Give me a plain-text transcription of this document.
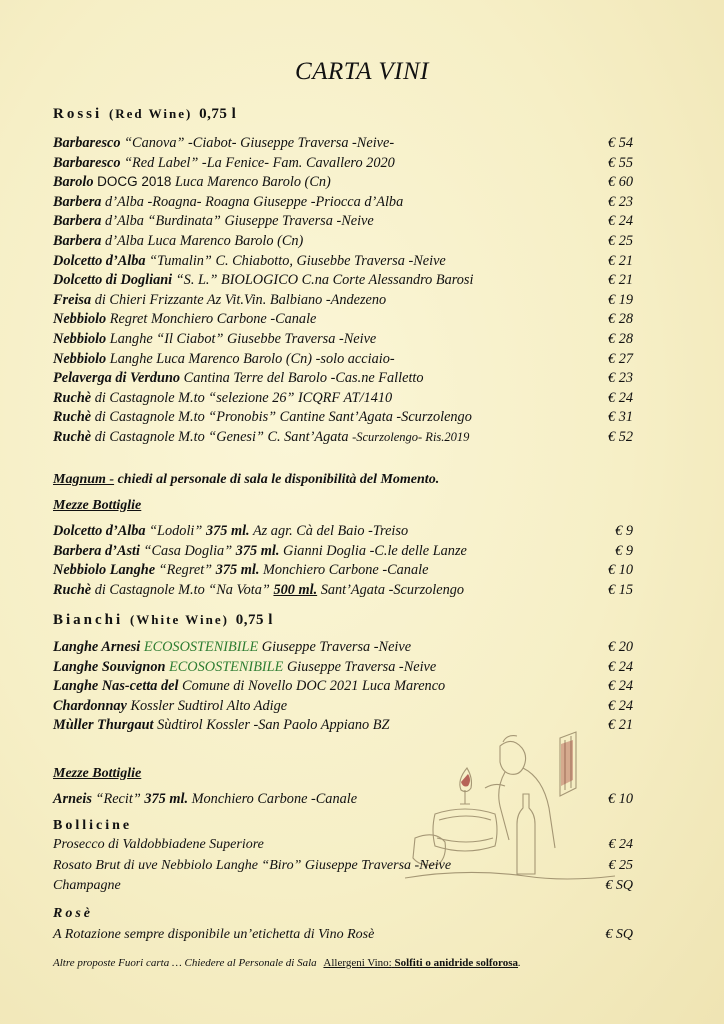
CARTA VINI
Rossi (Red Wine) 0,75 l
Barbaresco “Canova” -Ciabot- Giuseppe Traversa -Neive-	€ 54
Barbaresco “Red Label” -La Fenice- Fam. Cavallero 2020	€ 55
Barolo DOCG 2018 Luca Marenco Barolo (Cn)	€ 60
Barbera d’Alba -Roagna- Roagna Giuseppe -Priocca d’Alba	€ 23
Barbera d’Alba “Burdinata” Giuseppe Traversa -Neive	€ 24
Barbera d’Alba Luca Marenco Barolo (Cn)	€ 25
Dolcetto d’Alba “Tumalin” C. Chiabotto, Giusebbe Traversa -Neive	€ 21
Dolcetto di Dogliani “S. L.” BIOLOGICO C.na Corte Alessandro Barosi	€ 21
Freisa di Chieri Frizzante Az Vit.Vin. Balbiano -Andezeno	€ 19
Nebbiolo Regret Monchiero Carbone -Canale	€ 28
Nebbiolo Langhe “Il Ciabot” Giusebbe Traversa -Neive	€ 28
Nebbiolo Langhe Luca Marenco Barolo (Cn) -solo acciaio-	€ 27
Pelaverga di Verduno Cantina Terre del Barolo -Cas.ne Falletto	€ 23
Ruchè di Castagnole M.to “selezione 26” ICQRF AT/1410	€ 24
Ruchè di Castagnole M.to “Pronobis” Cantine Sant’Agata -Scurzolengo	€ 31
Ruchè di Castagnole M.to “Genesi” C. Sant’Agata -Scurzolengo- Ris.2019	€ 52
Magnum - chiedi al personale di sala le disponibilità del Momento.
Mezze Bottiglie
Dolcetto d’Alba “Lodoli” 375 ml. Az agr. Cà del Baio -Treiso	€ 9
Barbera d’Asti “Casa Doglia” 375 ml. Gianni Doglia -C.le delle Lanze	€ 9
Nebbiolo Langhe “Regret” 375 ml. Monchiero Carbone -Canale	€ 10
Ruchè di Castagnole M.to “Na Vota” 500 ml. Sant’Agata -Scurzolengo	€ 15
Bianchi (White Wine) 0,75 l
Langhe Arnesi ECOSOSTENIBILE Giuseppe Traversa -Neive	€ 20
Langhe Souvignon ECOSOSTENIBILE Giuseppe Traversa -Neive	€ 24
Langhe Nas-cetta del Comune di Novello DOC 2021 Luca Marenco	€ 24
Chardonnay Kossler Sudtirol Alto Adige	€ 24
Mùller Thurgaut Sùdtirol Kossler -San Paolo Appiano BZ	€ 21
Mezze Bottiglie
Arneis “Recit” 375 ml. Monchiero Carbone -Canale	€ 10
Bollicine
Prosecco di Valdobbiadene Superiore	€ 24
Rosato Brut di uve Nebbiolo Langhe “Biro” Giuseppe Traversa -Neive	€ 25
Champagne	€ SQ
Rosè
A Rotazione sempre disponibile un’etichetta di Vino Rosè	€ SQ
Altre proposte Fuori carta … Chiedere al Personale di Sala Allergeni Vino: Solfiti o anidride solforosa.
